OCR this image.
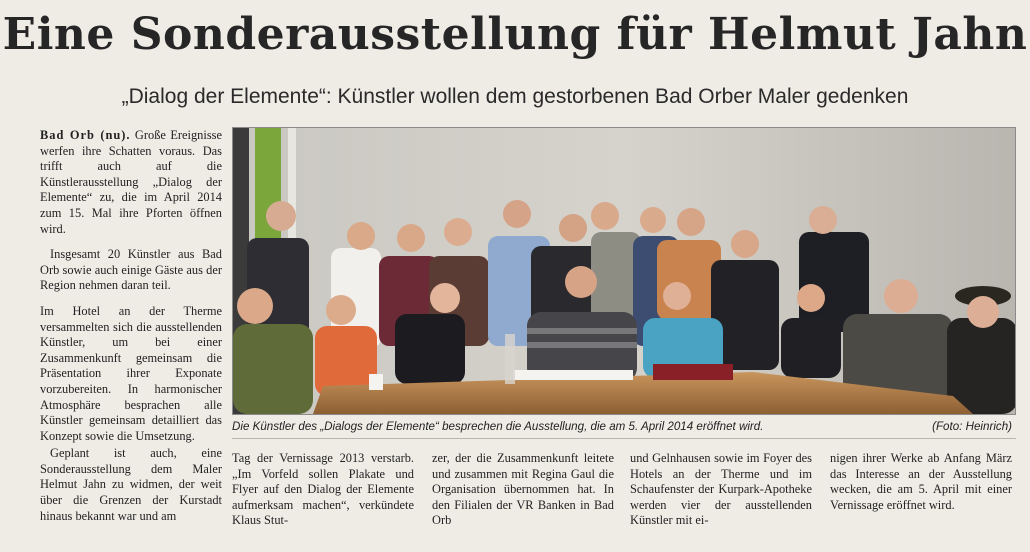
Eine Sonderausstellung für Helmut Jahn
„Dialog der Elemente“: Künstler wollen dem gestorbenen Bad Orber Maler gedenken

Bad Orb (nu). Große Ereignisse werfen ihre Schatten voraus. Das trifft auch auf die Künstlerausstellung „Dialog der Elemente“ zu, die im April 2014 zum 15. Mal ihre Pforten öffnen wird.

Insgesamt 20 Künstler aus Bad Orb sowie auch einige Gäste aus der Region nehmen daran teil.

Im Hotel an der Therme versammelten sich die ausstellenden Künstler, um bei einer Zusammenkunft gemeinsam die Präsentation ihrer Exponate vorzubereiten. In harmonischer Atmosphäre besprachen alle Künstler gemeinsam detailliert das Konzept sowie die Umsetzung.

Geplant ist auch, eine Sonderausstellung dem Maler Helmut Jahn zu widmen, der weit über die Grenzen der Kurstadt hinaus bekannt war und am

Die Künstler des „Dialogs der Elemente“ besprechen die Ausstellung, die am 5. April 2014 eröffnet wird.	(Foto: Heinrich)

Tag der Vernissage 2013 verstarb. „Im Vorfeld sollen Plakate und Flyer auf den Dialog der Elemente aufmerksam machen“, verkündete Klaus Stut-

zer, der die Zusammenkunft leitete und zusammen mit Regina Gaul die Organisation übernommen hat. In den Filialen der VR Banken in Bad Orb

und Gelnhausen sowie im Foyer des Hotels an der Therme und im Schaufenster der Kurpark-Apotheke werden vier der ausstellenden Künstler mit ei-

nigen ihrer Werke ab Anfang März das Interesse an der Ausstellung wecken, die am 5. April mit einer Vernissage eröffnet wird.
